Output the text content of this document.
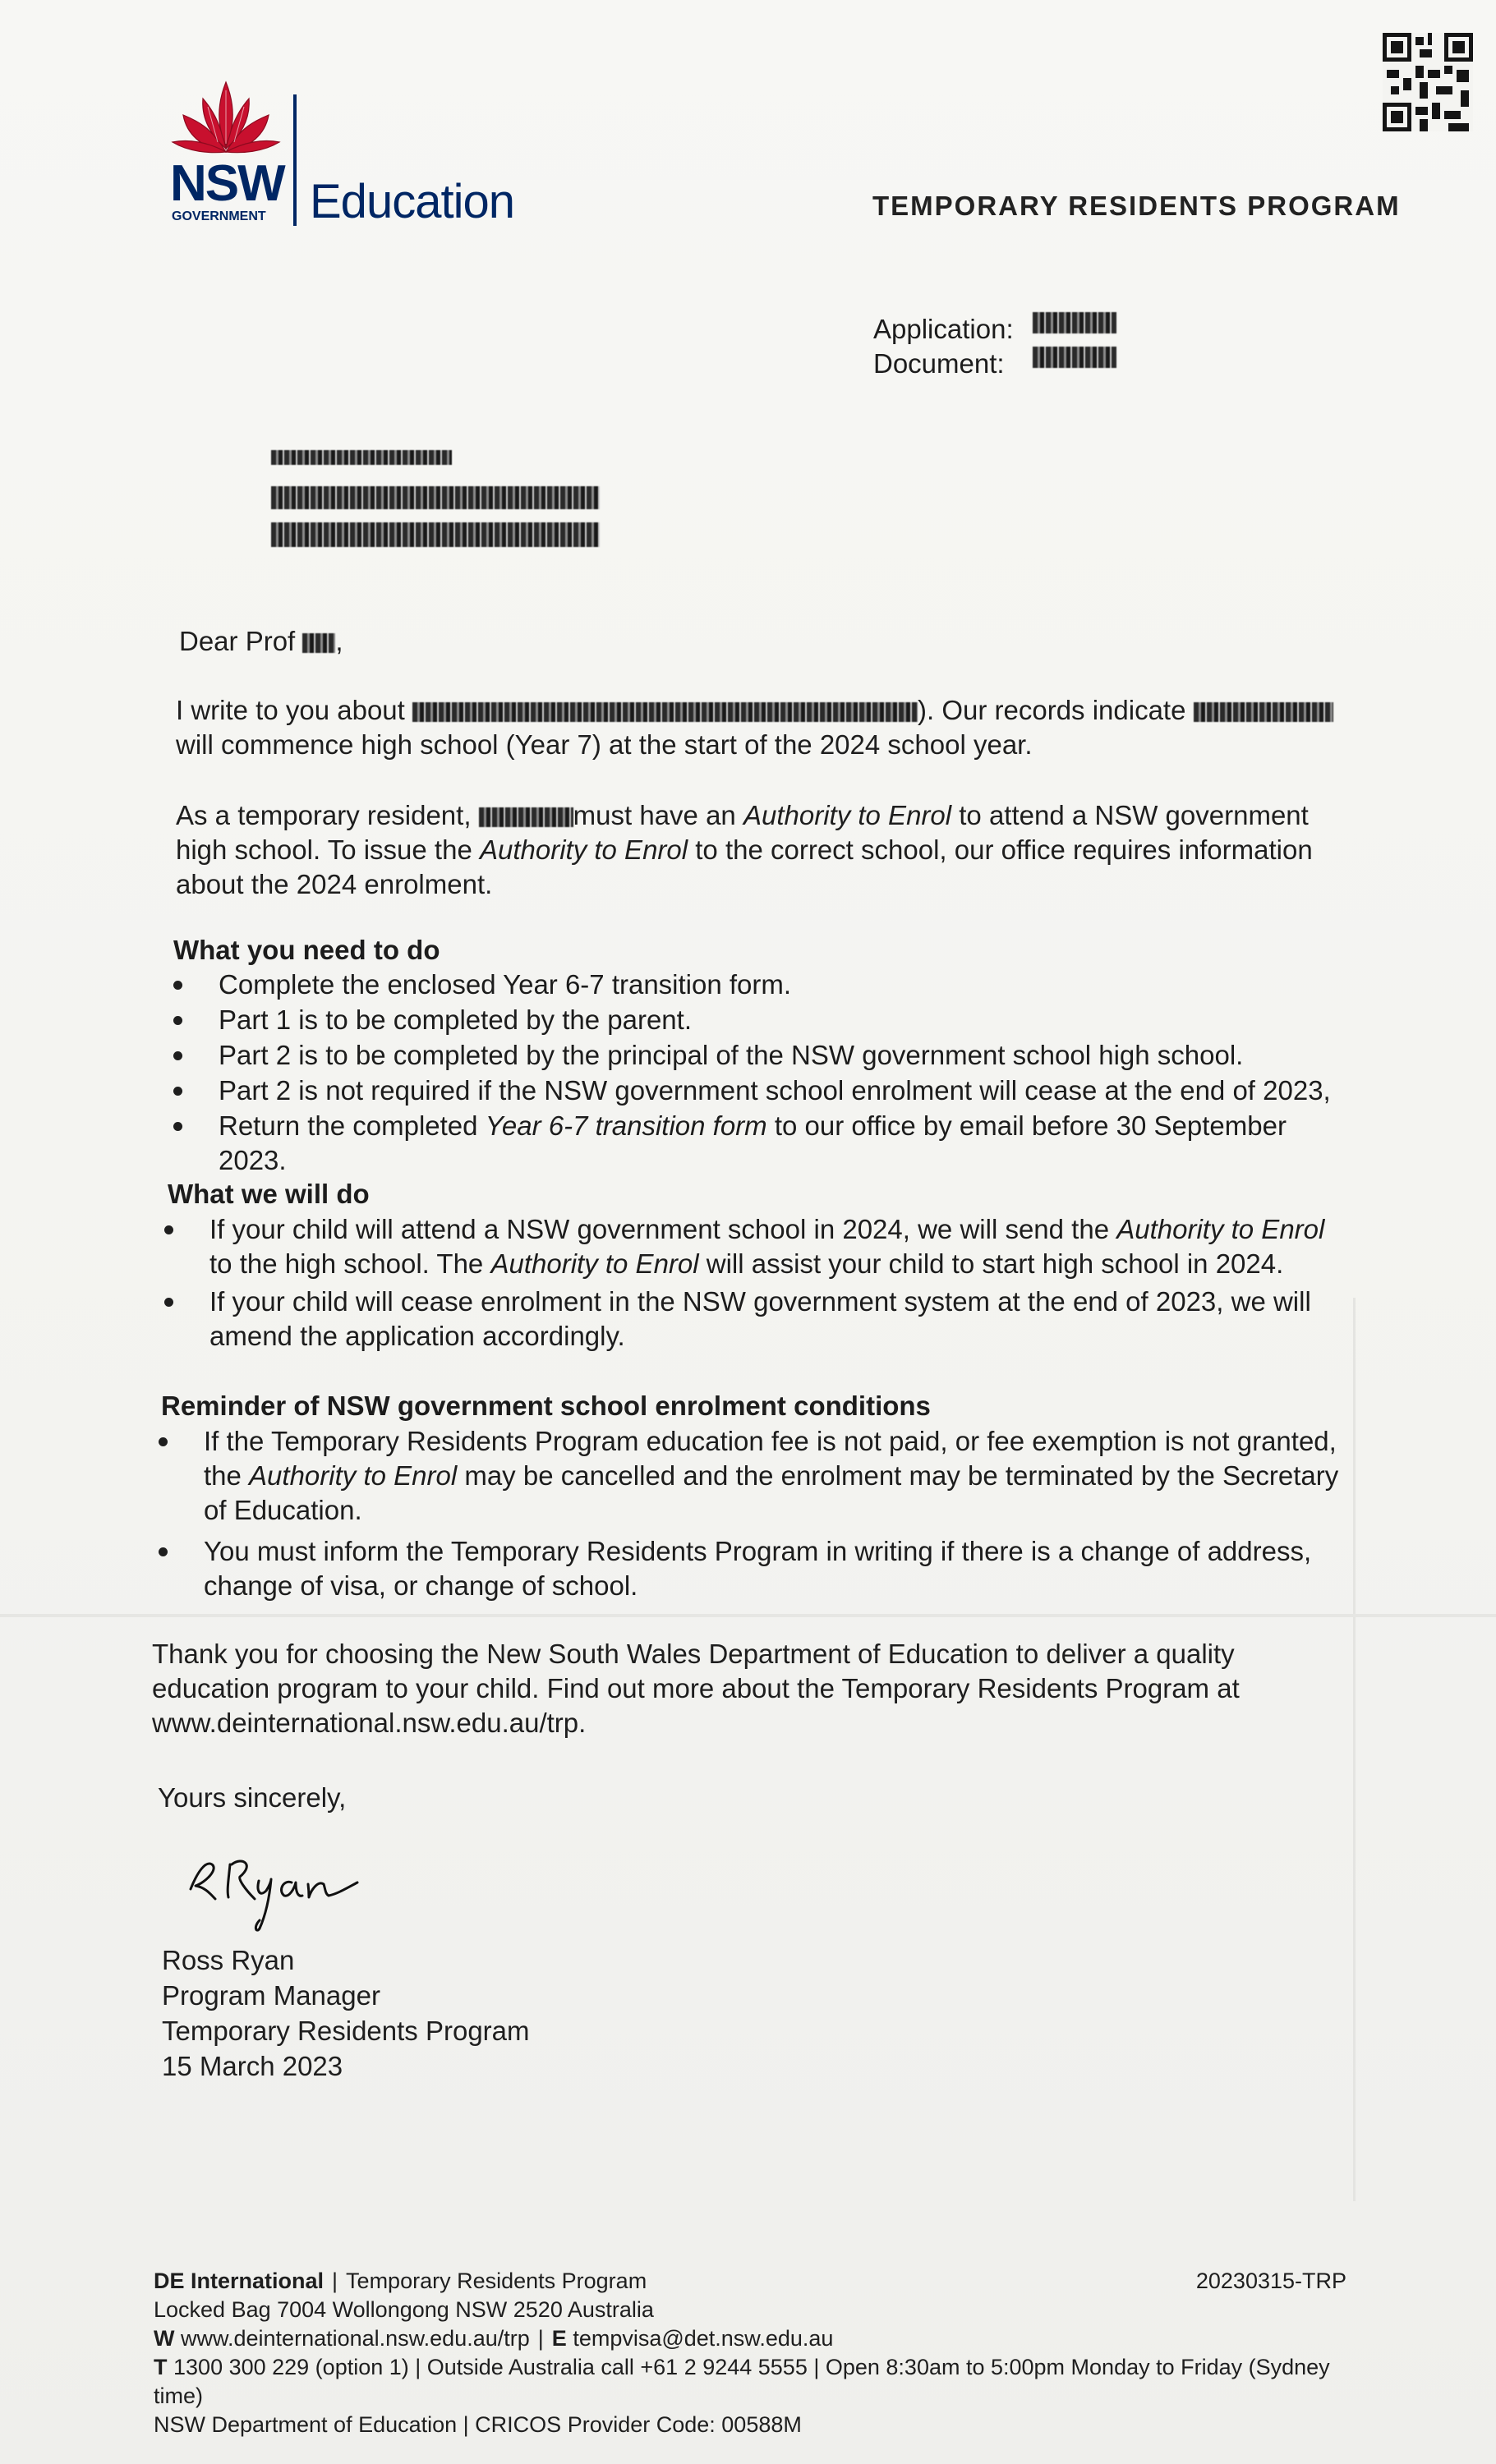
NSW
GOVERNMENT Education	TEMPORARY RESIDENTS PROGRAM
Application:
Document:
Dear Prof ,
I write to you about	). Our records indicate  will commence high school (Year 7) at the start of the 2024 school year.
As a temporary resident,	must have an Authority to Enrol to attend a NSW government high school. To issue the Authority to Enrol to the correct school, our office requires information about the 2024 enrolment.
What you need to do
Complete the enclosed Year 6-7 transition form.
Part 1 is to be completed by the parent.
Part 2 is to be completed by the principal of the NSW government school high school.
Part 2 is not required if the NSW government school enrolment will cease at the end of 2023,
Return the completed Year 6-7 transition form to our office by email before 30 September 2023.
What we will do
If your child will attend a NSW government school in 2024, we will send the Authority to Enrol to the high school. The Authority to Enrol will assist your child to start high school in 2024.
If your child will cease enrolment in the NSW government system at the end of 2023, we will amend the application accordingly.
Reminder of NSW government school enrolment conditions
If the Temporary Residents Program education fee is not paid, or fee exemption is not granted, the Authority to Enrol may be cancelled and the enrolment may be terminated by the Secretary of Education.
You must inform the Temporary Residents Program in writing if there is a change of address, change of visa, or change of school.
Thank you for choosing the New South Wales Department of Education to deliver a quality education program to your child. Find out more about the Temporary Residents Program at www.deinternational.nsw.edu.au/trp.
Yours sincerely,
Ross Ryan
Program Manager
Temporary Residents Program
15 March 2023
DE International | Temporary Residents Program	20230315-TRP
Locked Bag 7004 Wollongong NSW 2520 Australia
W www.deinternational.nsw.edu.au/trp | E tempvisa@det.nsw.edu.au
T 1300 300 229 (option 1) | Outside Australia call +61 2 9244 5555 | Open 8:30am to 5:00pm Monday to Friday (Sydney time)
NSW Department of Education | CRICOS Provider Code: 00588M
